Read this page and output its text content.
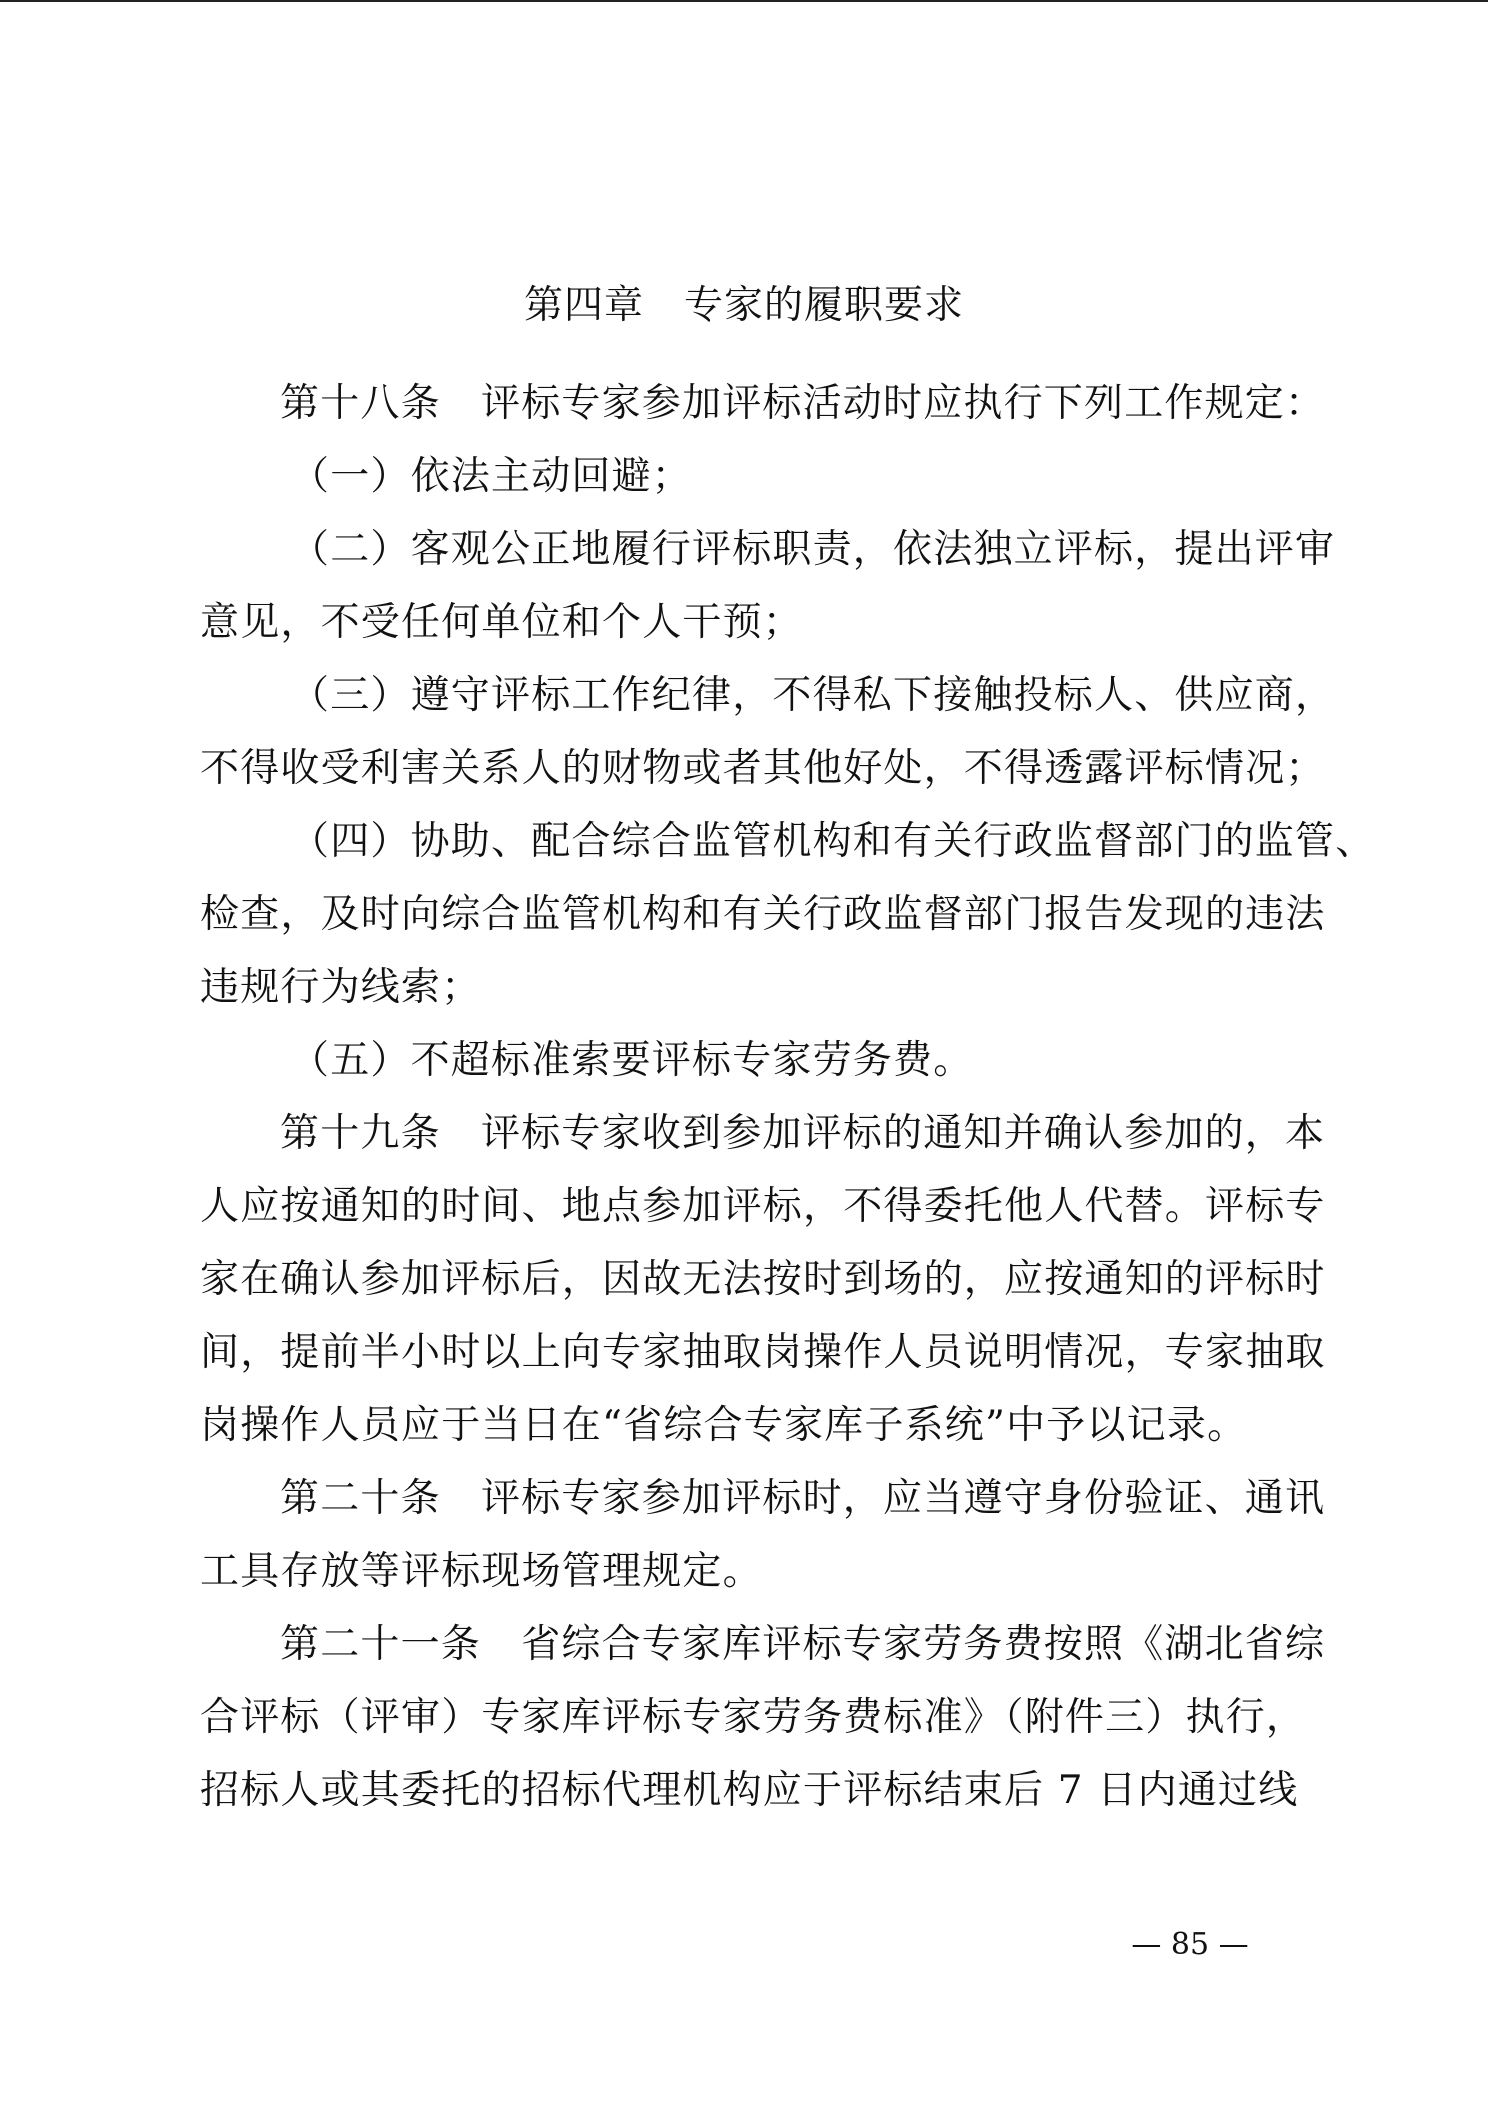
第四章　专家的履职要求
第十八条　评标专家参加评标活动时应执行下列工作规定：
（一）依法主动回避；
（二）客观公正地履行评标职责，依法独立评标，提出评审
意见，不受任何单位和个人干预；
（三）遵守评标工作纪律，不得私下接触投标人、供应商，
不得收受利害关系人的财物或者其他好处，不得透露评标情况；
（四）协助、配合综合监管机构和有关行政监督部门的监管、
检查，及时向综合监管机构和有关行政监督部门报告发现的违法
违规行为线索；
（五）不超标准索要评标专家劳务费。
第十九条　评标专家收到参加评标的通知并确认参加的，本
人应按通知的时间、地点参加评标，不得委托他人代替。评标专
家在确认参加评标后，因故无法按时到场的，应按通知的评标时
间，提前半小时以上向专家抽取岗操作人员说明情况，专家抽取
岗操作人员应于当日在“省综合专家库子系统”中予以记录。
第二十条　评标专家参加评标时，应当遵守身份验证、通讯
工具存放等评标现场管理规定。
第二十一条　省综合专家库评标专家劳务费按照《湖北省综
合评标（评审）专家库评标专家劳务费标准》（附件三）执行，
招标人或其委托的招标代理机构应于评标结束后 7 日内通过线
— 85 —
